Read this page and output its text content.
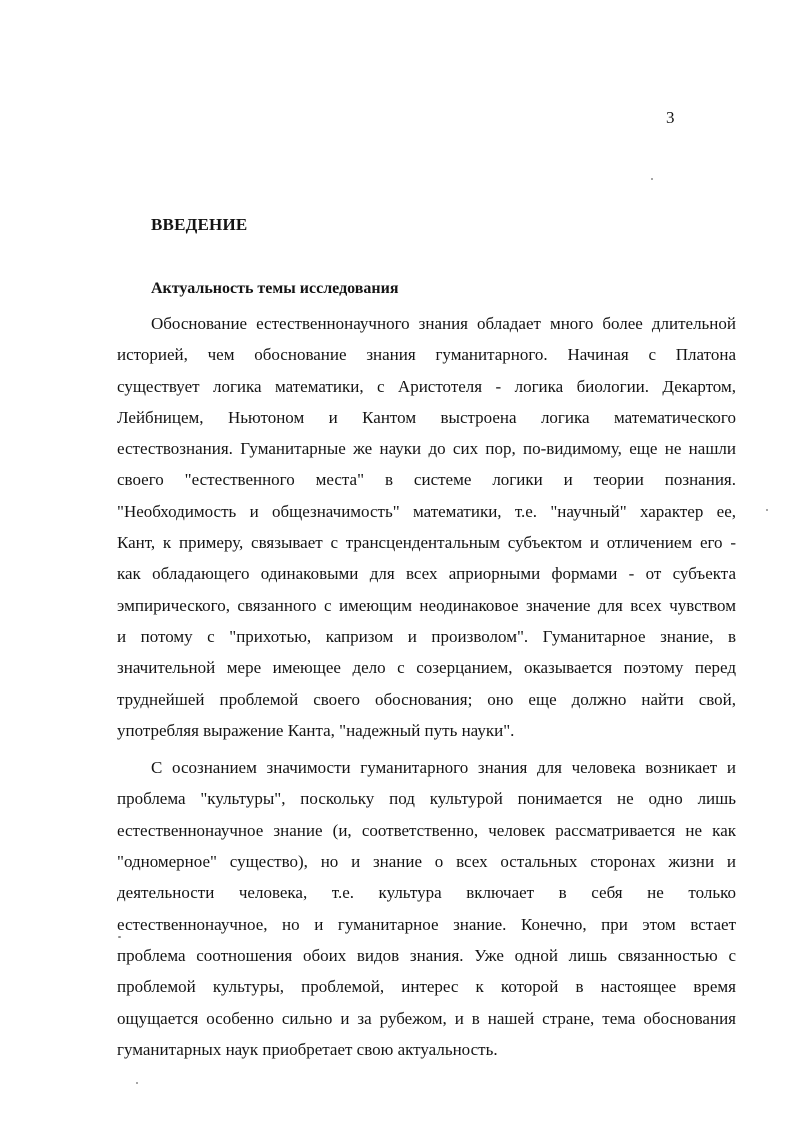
3
ВВЕДЕНИЕ
Актуальность темы исследования
Обоснование естественнонаучного знания обладает много более длительной
историей, чем обоснование знания гуманитарного. Начиная с Платона
существует логика математики, с Аристотеля - логика биологии. Декартом,
Лейбницем, Ньютоном и Кантом выстроена логика математического
естествознания. Гуманитарные же науки до сих пор, по-видимому, еще не нашли
своего "естественного места" в системе логики и теории познания.
"Необходимость и общезначимость" математики, т.е. "научный" характер ее,
Кант, к примеру, связывает с трансцендентальным субъектом и отличением его -
как обладающего одинаковыми для всех априорными формами - от субъекта
эмпирического, связанного с имеющим неодинаковое значение для всех чувством
и потому с "прихотью, капризом и произволом". Гуманитарное знание, в
значительной мере имеющее дело с созерцанием, оказывается поэтому перед
труднейшей проблемой своего обоснования; оно еще должно найти свой,
употребляя выражение Канта, "надежный путь науки".
С осознанием значимости гуманитарного знания для человека возникает и
проблема "культуры", поскольку под культурой понимается не одно лишь
естественнонаучное знание (и, соответственно, человек рассматривается не как
"одномерное" существо), но и знание о всех остальных сторонах жизни и
деятельности человека, т.е. культура включает в себя не только
естественнонаучное, но и гуманитарное знание. Конечно, при этом встает
проблема соотношения обоих видов знания. Уже одной лишь связанностью с
проблемой культуры, проблемой, интерес к которой в настоящее время
ощущается особенно сильно и за рубежом, и в нашей стране, тема обоснования
гуманитарных наук приобретает свою актуальность.
